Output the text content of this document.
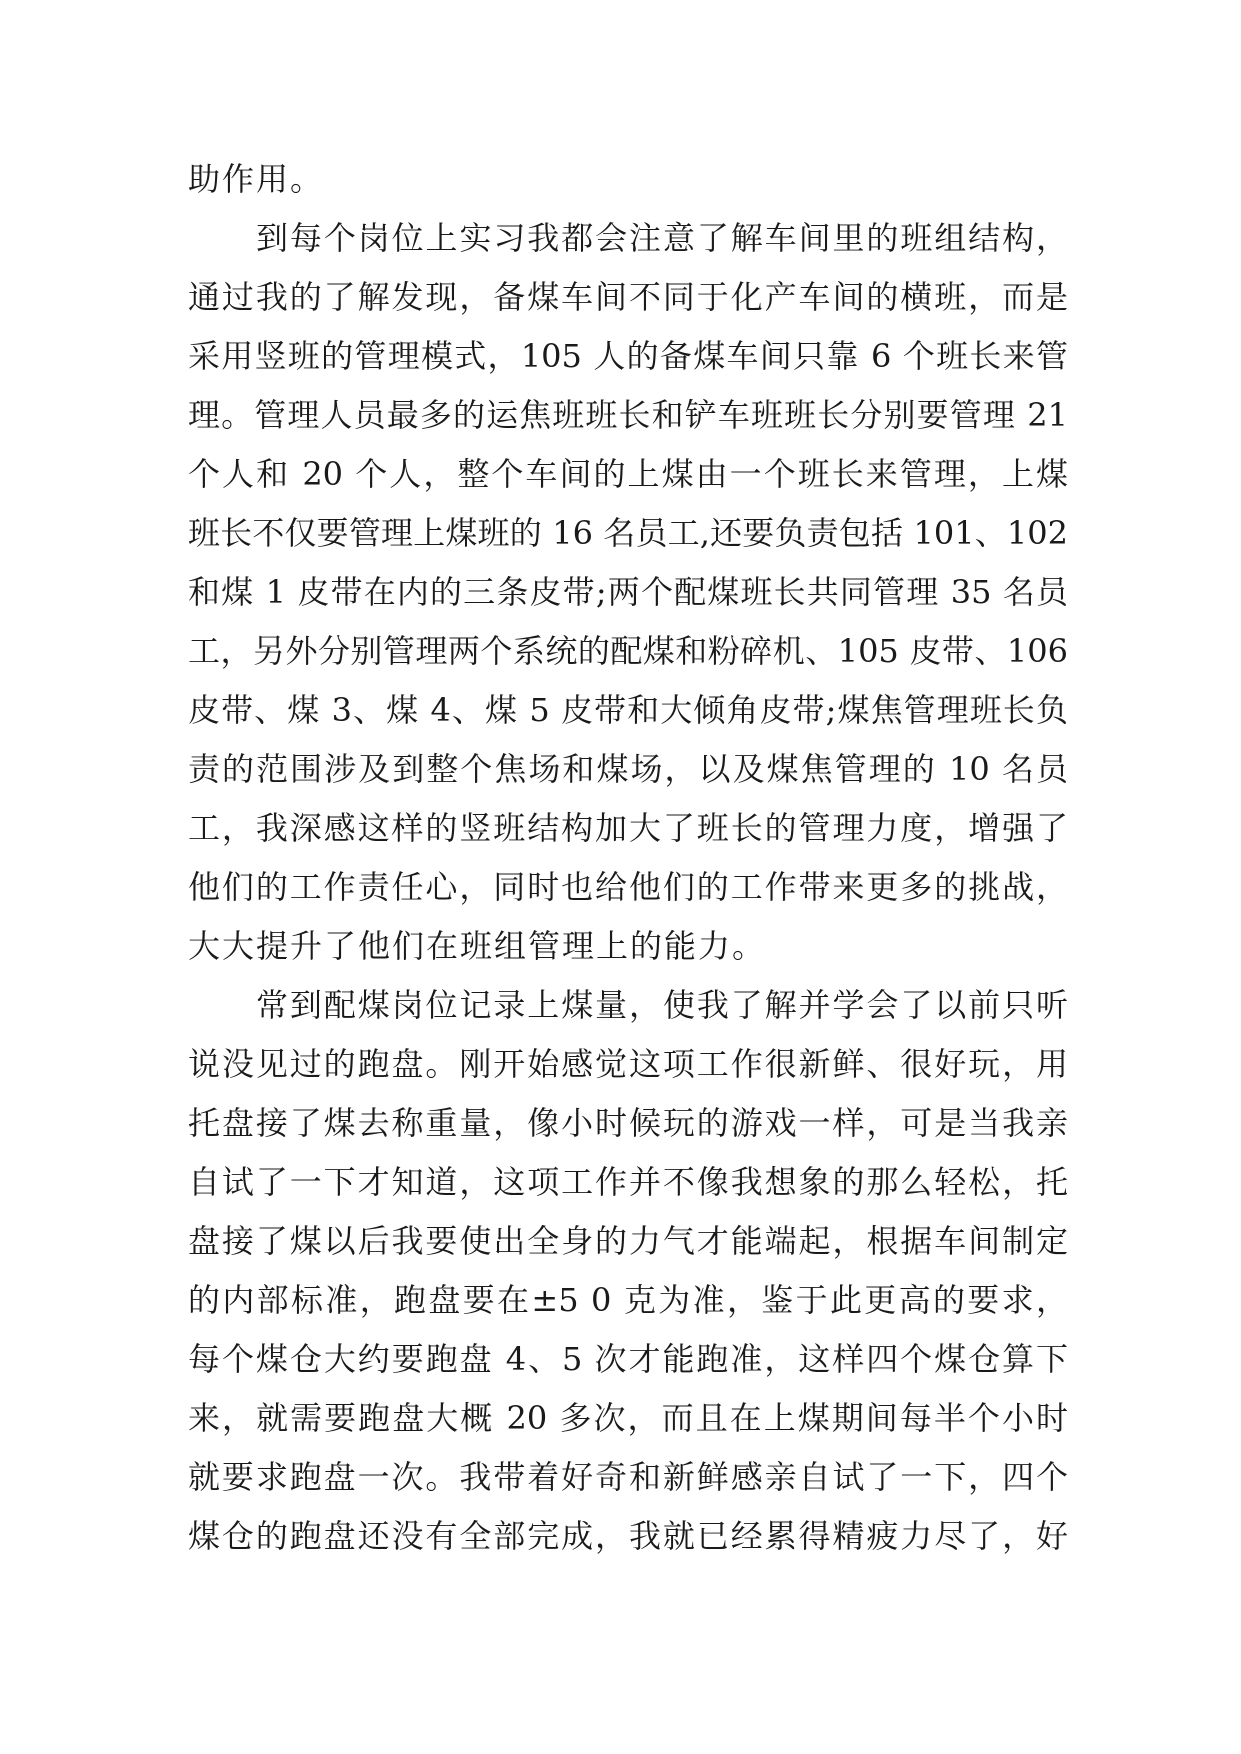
助作用。
到每个岗位上实习我都会注意了解车间里的班组结构，
通过我的了解发现，备煤车间不同于化产车间的横班，而是
采用竖班的管理模式，105 人的备煤车间只靠 6 个班长来管
理。管理人员最多的运焦班班长和铲车班班长分别要管理 21
个人和 20 个人，整个车间的上煤由一个班长来管理，上煤
班长不仅要管理上煤班的 16 名员工,还要负责包括 101、102
和煤 1 皮带在内的三条皮带;两个配煤班长共同管理 35 名员
工，另外分别管理两个系统的配煤和粉碎机、105 皮带、106
皮带、煤 3、煤 4、煤 5 皮带和大倾角皮带;煤焦管理班长负
责的范围涉及到整个焦场和煤场，以及煤焦管理的 10 名员
工，我深感这样的竖班结构加大了班长的管理力度，增强了
他们的工作责任心，同时也给他们的工作带来更多的挑战，
大大提升了他们在班组管理上的能力。
常到配煤岗位记录上煤量，使我了解并学会了以前只听
说没见过的跑盘。刚开始感觉这项工作很新鲜、很好玩，用
托盘接了煤去称重量，像小时候玩的游戏一样，可是当我亲
自试了一下才知道，这项工作并不像我想象的那么轻松，托
盘接了煤以后我要使出全身的力气才能端起，根据车间制定
的内部标准，跑盘要在±5 0 克为准，鉴于此更高的要求，
每个煤仓大约要跑盘 4、5 次才能跑准，这样四个煤仓算下
来，就需要跑盘大概 20 多次，而且在上煤期间每半个小时
就要求跑盘一次。我带着好奇和新鲜感亲自试了一下，四个
煤仓的跑盘还没有全部完成，我就已经累得精疲力尽了，好
